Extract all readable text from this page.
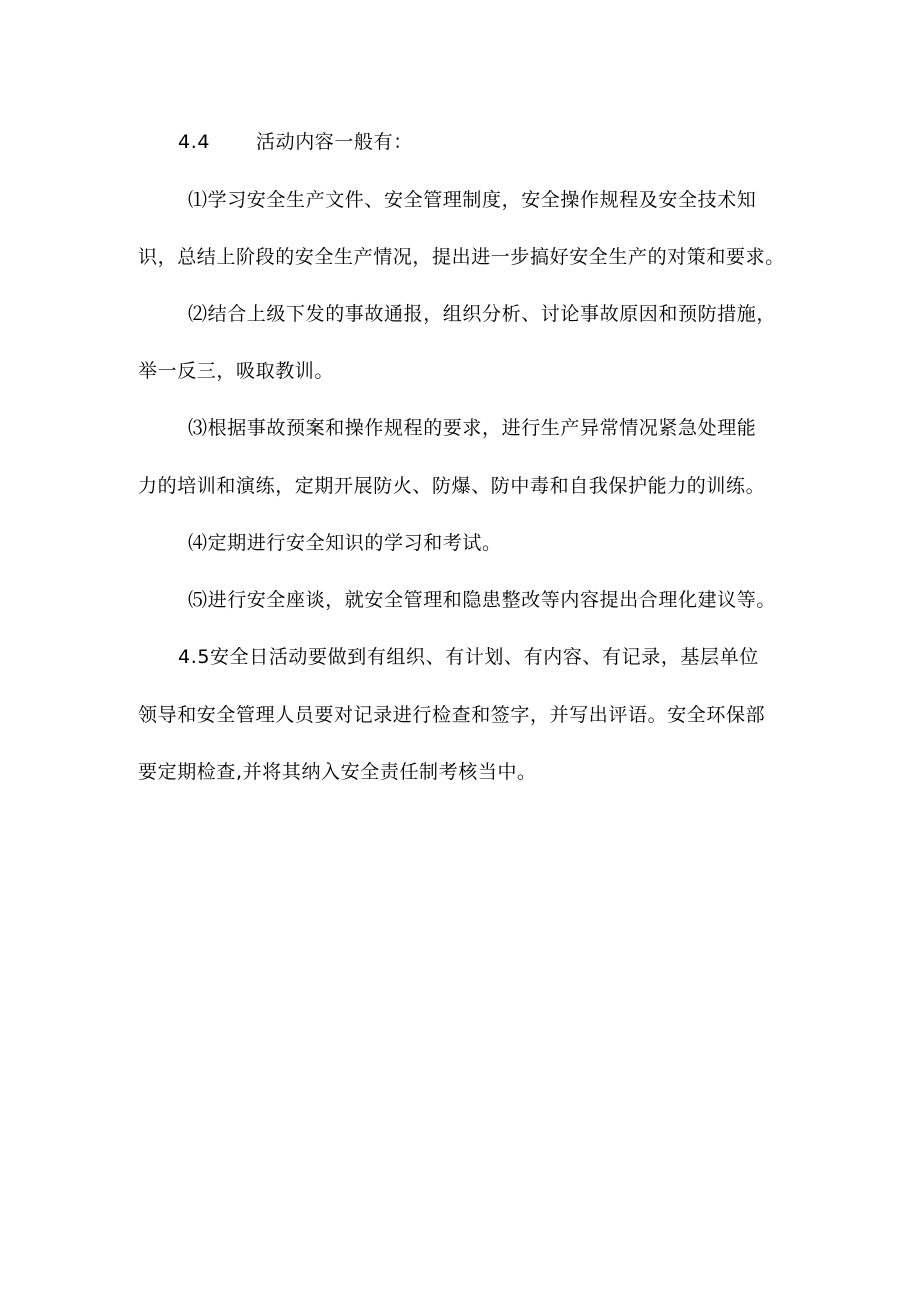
4.4 活动内容一般有：
⑴学习安全生产文件、安全管理制度，安全操作规程及安全技术知
识，总结上阶段的安全生产情况，提出进一步搞好安全生产的对策和要求。
⑵结合上级下发的事故通报，组织分析、讨论事故原因和预防措施，
举一反三，吸取教训。
⑶根据事故预案和操作规程的要求，进行生产异常情况紧急处理能
力的培训和演练，定期开展防火、防爆、防中毒和自我保护能力的训练。
⑷定期进行安全知识的学习和考试。
⑸进行安全座谈，就安全管理和隐患整改等内容提出合理化建议等。
4.5安全日活动要做到有组织、有计划、有内容、有记录，基层单位
领导和安全管理人员要对记录进行检查和签字，并写出评语。安全环保部
要定期检查,并将其纳入安全责任制考核当中。
